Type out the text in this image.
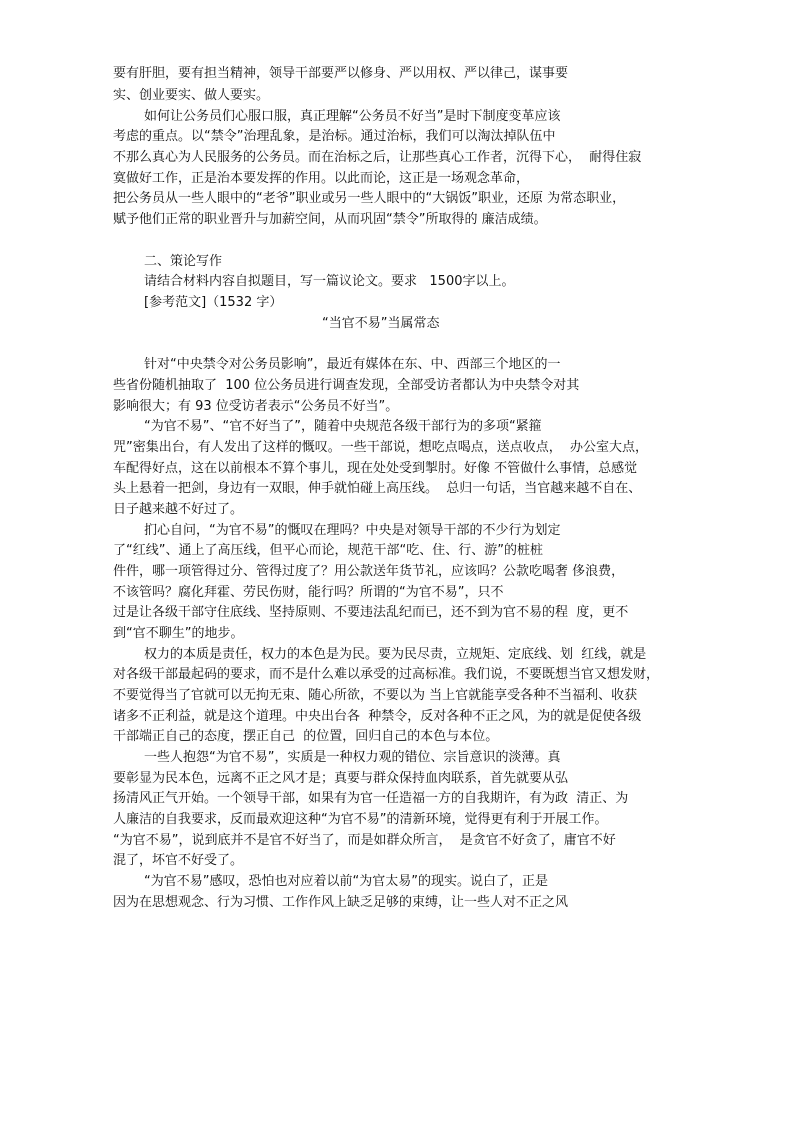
要有肝胆，要有担当精神，领导干部要严以修身、严以用权、严以律己，谋事要
实、创业要实、做人要实。
如何让公务员们心服口服，真正理解“公务员不好当”是时下制度变革应该
考虑的重点。以“禁令”治理乱象，是治标。通过治标，我们可以淘汰掉队伍中
不那么真心为人民服务的公务员。而在治标之后，让那些真心工作者，沉得下心，  耐得住寂
寞做好工作，正是治本要发挥的作用。以此而论，这正是一场观念革命，
把公务员从一些人眼中的“老爷”职业或另一些人眼中的“大锅饭”职业，还原 为常态职业，
赋予他们正常的职业晋升与加薪空间，从而巩固“禁令”所取得的 廉洁成绩。
二、策论写作
请结合材料内容自拟题目，写一篇议论文。要求   1500字以上。
[参考范文]（1532 字）
“当官不易”当属常态
针对“中央禁令对公务员影响”，最近有媒体在东、中、西部三个地区的一
些省份随机抽取了  100 位公务员进行调查发现，全部受访者都认为中央禁令对其
影响很大；有 93 位受访者表示“公务员不好当”。
“为官不易”、“官不好当了”，随着中央规范各级干部行为的多项“紧箍
咒”密集出台，有人发出了这样的慨叹。一些干部说，想吃点喝点，送点收点，  办公室大点，
车配得好点，这在以前根本不算个事儿，现在处处受到掣肘。好像 不管做什么事情，总感觉
头上悬着一把剑，身边有一双眼，伸手就怕碰上高压线。  总归一句话，当官越来越不自在、
日子越来越不好过了。
扪心自问，“为官不易”的慨叹在理吗？中央是对领导干部的不少行为划定
了“红线”、通上了高压线，但平心而论，规范干部“吃、住、行、游”的桩桩
件件，哪一项管得过分、管得过度了？用公款送年货节礼，应该吗？公款吃喝奢 侈浪费，
不该管吗？腐化拜霍、劳民伤财，能行吗？所谓的“为官不易”，只不
过是让各级干部守住底线、坚持原则、不要违法乱纪而已，还不到为官不易的程  度，更不
到“官不聊生”的地步。
权力的本质是责任，权力的本色是为民。要为民尽责，立规矩、定底线、划  红线，就是
对各级干部最起码的要求，而不是什么难以承受的过高标准。我们说，不要既想当官又想发财，
不要觉得当了官就可以无拘无束、随心所欲，不要以为 当上官就能享受各种不当福利、收获
诸多不正利益，就是这个道理。中央出台各  种禁令，反对各种不正之风，为的就是促使各级
干部端正自己的态度，摆正自己  的位置，回归自己的本色与本位。
一些人抱怨“为官不易”，实质是一种权力观的错位、宗旨意识的淡薄。真
要彰显为民本色，远离不正之风才是；真要与群众保持血肉联系，首先就要从弘
扬清风正气开始。一个领导干部，如果有为官一任造福一方的自我期许，有为政  清正、为
人廉洁的自我要求，反而最欢迎这种“为官不易”的清新环境，觉得更有利于开展工作。
“为官不易”，说到底并不是官不好当了，而是如群众所言，  是贪官不好贪了，庸官不好
混了，坏官不好受了。
“为官不易”感叹，恐怕也对应着以前“为官太易”的现实。说白了，正是
因为在思想观念、行为习惯、工作作风上缺乏足够的束缚，让一些人对不正之风
